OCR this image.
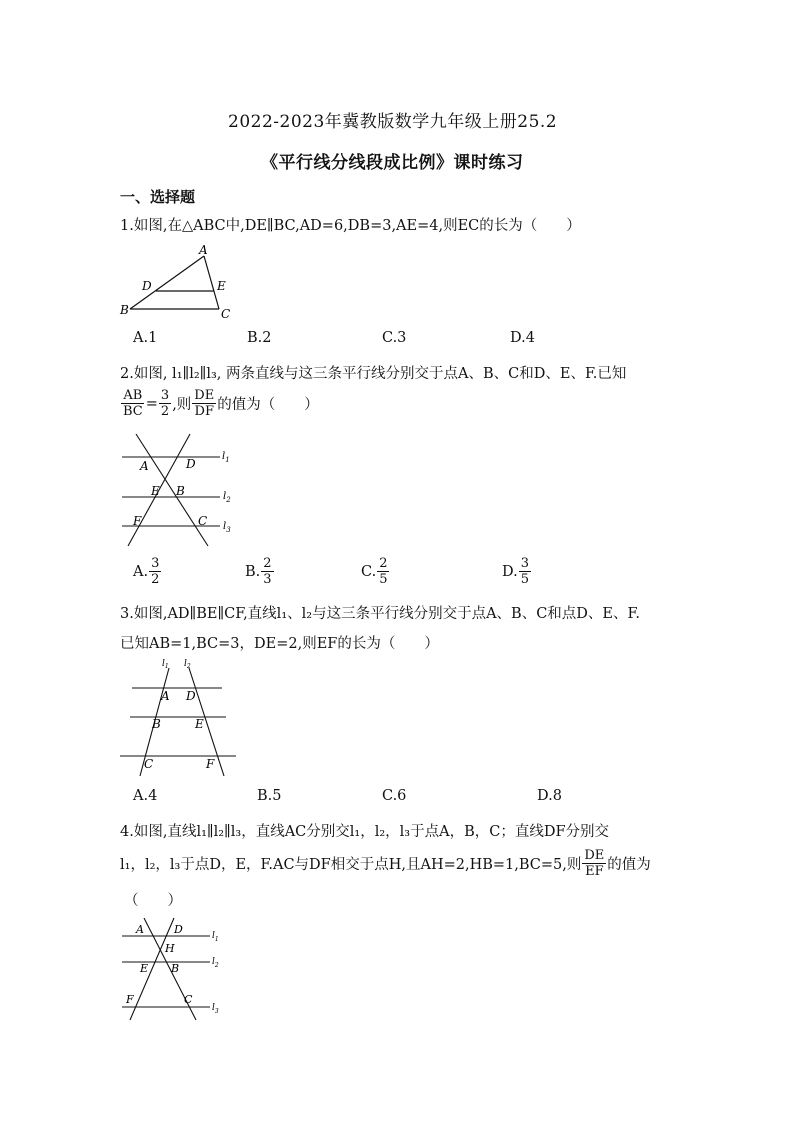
2022-2023年冀教版数学九年级上册25.2
《平行线分线段成比例》课时练习
一、选择题
1.如图,在△ABC中,DE∥BC,AD=6,DB=3,AE=4,则EC的长为（　　）
A
D	E
B	C
A.1	B.2	C.3	D.4
2.如图, l₁∥l₂∥l₃, 两条直线与这三条平行线分别交于点A、B、C和D、E、F.已知
$\frac{AB}{BC} = \frac{3}{2}$ ,则 $\frac{DE}{DF}$ 的值为（　　）
A	D
E B
F	C
$l_1$
$l_2$
$l_3$
A. $\frac{3}{2}$	B. $\frac{2}{3}$	C. $\frac{2}{5}$	D. $\frac{3}{5}$
3.如图,AD∥BE∥CF,直线l₁、l₂与这三条平行线分别交于点A、B、C和点D、E、F.
已知AB=1,BC=3，DE=2,则EF的长为（　　）
$l_1$ $l_2$
A D
B	E
C	F
A.4	B.5	C.6	D.8
4.如图,直线l₁∥l₂∥l₃，直线AC分别交l₁，l₂，l₃于点A，B，C；直线DF分别交
l₁，l₂，l₃于点D，E，F.AC与DF相交于点H,且AH=2,HB=1,BC=5,则 $\frac{DE}{EF}$ 的值为
（　　）
A	D
H
E B
F	C
$l_1$
$l_2$
$l_3$
